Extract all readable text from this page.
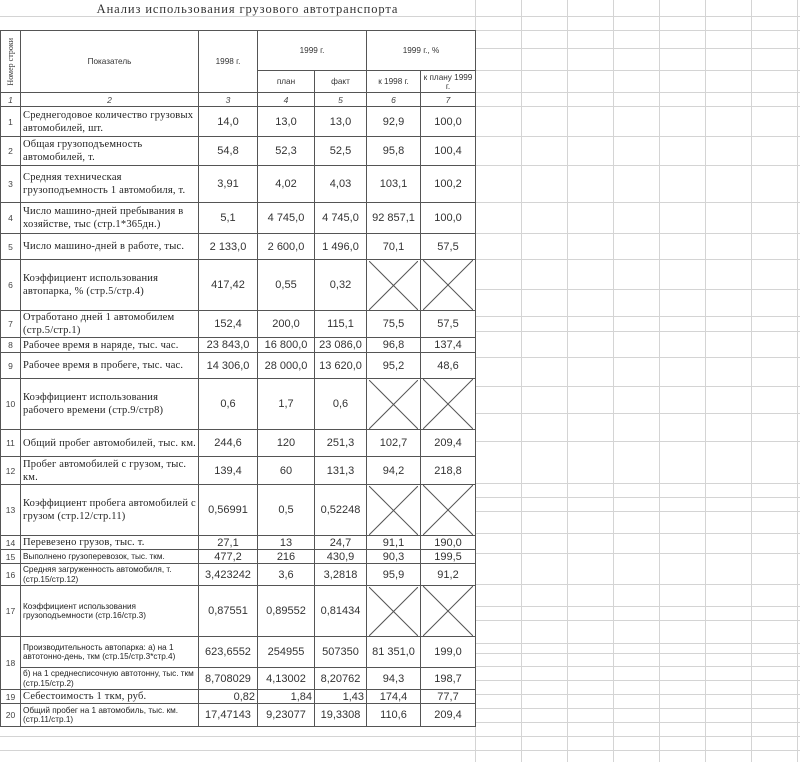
Анализ использования грузового автотранспорта
Номер строки	Показатель	1998 г.	1999 г.		1999 г., %	
			план	факт	к 1998 г.	к плану 1999 г.
1	2	3	4	5	6	7
1	Среднегодовое количество грузовых автомобилей, шт.	14,0	13,0	13,0	92,9	100,0
2	Общая грузоподъемность автомобилей, т.	54,8	52,3	52,5	95,8	100,4
3	Средняя техническая грузоподъемность 1 автомобиля, т.	3,91	4,02	4,03	103,1	100,2
4	Число машино-дней пребывания в хозяйстве, тыс (стр.1*365дн.)	5,1	4 745,0	4 745,0	92 857,1	100,0
5	Число машино-дней в работе, тыс.	2 133,0	2 600,0	1 496,0	70,1	57,5
6	Коэффициент использования автопарка, % (стр.5/стр.4)	417,42	0,55	0,32	

7	Отработано дней 1 автомобилем (стр.5/стр.1)	152,4	200,0	115,1	75,5	57,5
8	Рабочее время в наряде, тыс. час.	23 843,0	16 800,0	23 086,0	96,8	137,4
9	Рабочее время в пробеге, тыс. час.	14 306,0	28 000,0	13 620,0	95,2	48,6
10	Коэффициент использования рабочего времени (стр.9/стр8)	0,6	1,7	0,6	

11	Общий пробег автомобилей, тыс. км.	244,6	120	251,3	102,7	209,4
12	Пробег автомобилей с грузом, тыс. км.	139,4	60	131,3	94,2	218,8
13	Коэффициент пробега автомобилей с грузом (стр.12/стр.11)	0,56991	0,5	0,52248	

14	Перевезено грузов, тыс. т.	27,1	13	24,7	91,1	190,0
15	Выполнено грузоперевозок, тыс. ткм.	477,2	216	430,9	90,3	199,5
16	Средняя загруженность автомобиля, т. (стр.15/стр.12)	3,423242	3,6	3,2818	95,9	91,2
17	Коэффициент использования грузоподъемности (стр.16/стр.3)	0,87551	0,89552	0,81434	

18	Производительность автопарка: а) на 1 автотонно-день, ткм (стр.15/стр.3*стр.4)	623,6552	254955	507350	81 351,0	199,0
	б) на 1 среднесписочную автотонну, тыс. ткм (стр.15/стр.2)	8,708029	4,13002	8,20762	94,3	198,7
19	Себестоимость 1 ткм, руб.	0,82	1,84	1,43	174,4	77,7
20	Общий пробег на 1 автомобиль, тыс. км. (стр.11/стр.1)	17,47143	9,23077	19,3308	110,6	209,4
